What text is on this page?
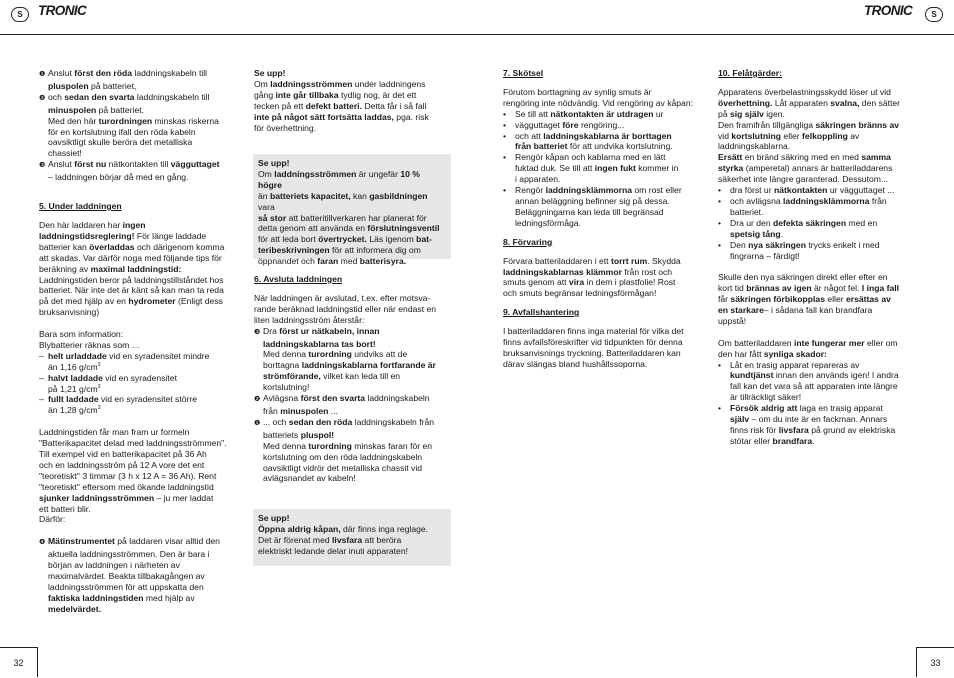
S	TRONIC	TRONIC	S

❶ Anslut först den röda laddningskabeln till

pluspolen på batteriet,

❷ och sedan den svarta laddningskabeln till

minuspolen på batteriet.

Med den här turordningen minskas riskerna

för en kortslutning ifall den röda kabeln

oavsiktligt skulle beröra det metalliska

chassiet!

❸ Anslut först nu nätkontakten till vägguttaget

– laddningen börjar då med en gång.

5. Under laddningen

Den här laddaren har ingen

laddningstidsreglering! För länge laddade

batterier kan överladdas och därigenom komma

att skadas. Var därför noga med följande tips för

beräkning av maximal laddningstid:

Laddningstiden beror på laddningstillståndet hos

batteriet. När inte det är känt så kan man ta reda

på det med hjälp av en hydrometer (Enligt dess

bruksanvisning)

Bara som information:

Blybatterier räknas som …

– helt urladdade vid en syradensitet mindre

än 1,16 $g/cm^3$

– halvt laddade vid en syradensitet

på 1,21 $g/cm^3$

– fullt laddade vid en syradensitet större

än 1,28 $g/cm^3$

Laddningstiden får man fram ur formeln

"Batterikapacitet delad med laddningsströmmen".

Till exempel vid en batterikapacitet på 36 Ah

och en laddningsström på 12 A vore det ent

"teoretiskt" 3 timmar (3 h x 12 A = 36 Ah). Rent

"teoretiskt" eftersom med ökande laddningstid

sjunker laddningsströmmen – ju mer laddat

ett batteri blir.

Därför:

❹ Mätinstrumentet på laddaren visar alltid den

aktuella laddningsströmmen. Den är bara i

början av laddningen i närheten av

maximalvärdet. Beakta tillbakagången av

laddningsströmmen för att uppskatta den

faktiska laddningstiden med hjälp av

medelvärdet.

Se upp!

Om laddningsströmmen under laddningens

gång inte går tillbaka tydlig nog, är det ett

tecken på ett defekt batteri. Detta får i så fall

inte på något sätt fortsätta laddas, pga. risk

för överhettning.

Se upp!

Om laddningsströmmen är ungefär 10 % högre

än batteriets kapacitet, kan gasbildningen vara

så stor att batteritillverkaren har planerat för

detta genom att använda en förslutningsventil

för att leda bort övertrycket. Läs igenom bat-

teribeskrivningen för att informera dig om

öppnandet och faran med batterisyra.

6. Avsluta laddningen

När laddningen är avslutad, t.ex. efter motsva-

rande beräknad laddningstid eller när endast en

liten laddningsström återstår:

❸ Dra först ur nätkabeln, innan

laddningskablarna tas bort!

Med denna turordning undviks att de

borttagna laddningskablarna fortfarande är

strömförande, vilket kan leda till en

kortslutning!

❷ Avlägsna först den svarta laddningskabeln

från minuspolen ...

❶ ... och sedan den röda laddningskabeln från

batteriets pluspol!

Med denna turordning minskas faran för en

kortslutning om den röda laddningskabeln

oavsiktligt vidrör det metalliska chassit vid

avlägsnandet av kabeln!

Se upp!

Öppna aldrig kåpan, där finns inga reglage.

Det är förenat med livsfara att beröra

elektriskt ledande delar inuti apparaten!

7. Skötsel

Förutom borttagning av synlig smuts är

rengöring inte nödvändig. Vid rengöring av kåpan:

• Se till att nätkontakten är utdragen ur

• vägguttaget före rengöring...

• och att laddningskablarna är borttagen

från batteriet för att undvika kortslutning.

• Rengör kåpan och kablarna med en lätt

fuktad duk. Se till att ingen fukt kommer in

i apparaten.

• Rengör laddningsklämmorna om rost eller

annan beläggning befinner sig på dessa.

Beläggningarna kan leda till begränsad

ledningsförmåga.

8. Förvaring

Förvara batteriladdaren i ett torrt rum. Skydda

laddningskablarnas klämmor från rost och

smuts genom att vira in dem i plastfolie! Rost

och smuts begränsar ledningsförmågan!

9. Avfallshantering

I batteriladdaren finns inga material för vilka det

finns avfallsföreskrifter vid tidpunkten för denna

bruksanvisnings tryckning. Batteriladdaren kan

därav slängas bland hushållssoporna.

10. Felåtgärder:

Apparatens överbelastningsskydd löser ut vid

överhettning. Låt apparaten svalna, den sätter

på sig själv igen.

Den framifrån tillgängliga säkringen bränns av

vid kortslutning eller felkoppling av

laddningskablarna.

Ersätt en bränd säkring med en med samma

styrka (amperetal) annars är batteriladdarens

säkerhet inte längre garanterad. Dessutom...

• dra först ur nätkontakten ur vägguttaget ...

• och avlägsna laddningsklämmorna från

batteriet.

• Dra ur den defekta säkringen med en

spetsig tång.

• Den nya säkringen trycks enkelt i med

fingrarna – färdigt!

Skulle den nya säkringen direkt eller efter en

kort tid brännas av igen är något fel. I inga fall

får säkringen förbikopplas eller ersättas av

en starkare– i sådana fall kan brandfara

uppstå!

Om batteriladdaren inte fungerar mer eller om

den har fått synliga skador:

• Låt en trasig apparat repareras av

kundtjänst innan den används igen! I andra

fall kan det vara så att apparaten inte längre

är tillräckligt säker!

• Försök aldrig att laga en trasig apparat

själv – om du inte är en fackman. Annars

finns risk för livsfara på grund av elektriska

stötar eller brandfara.

32	33
